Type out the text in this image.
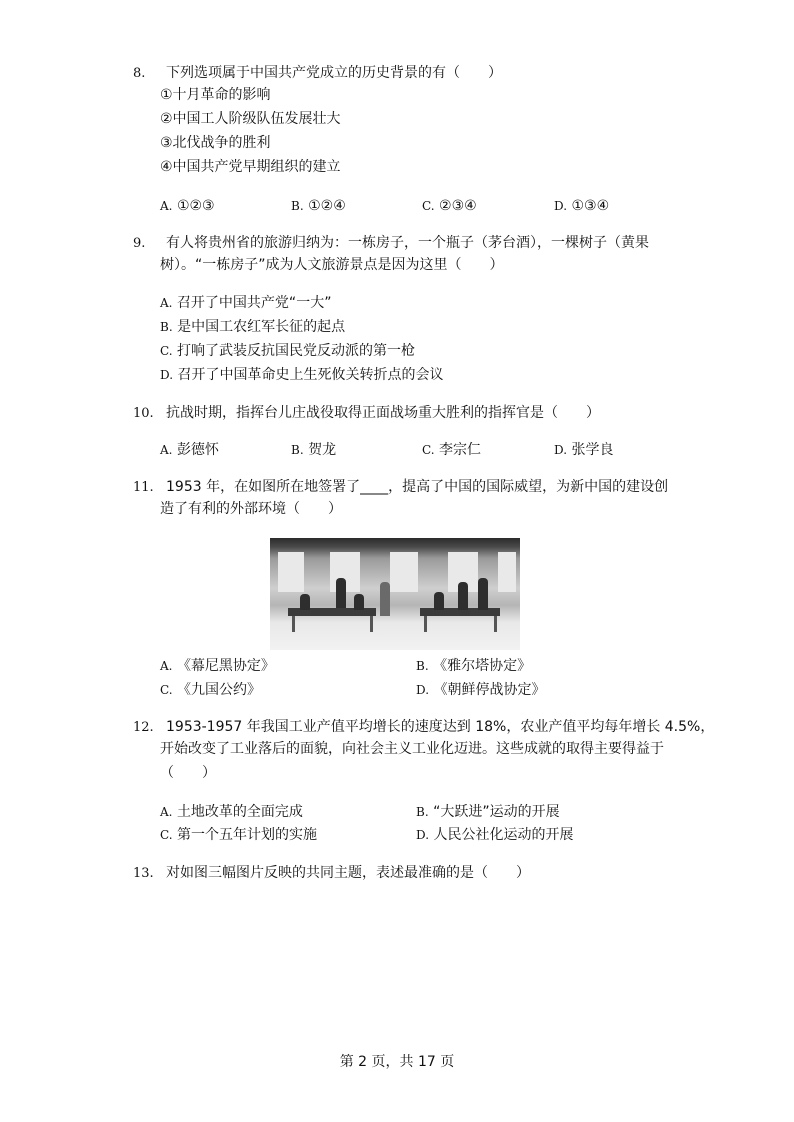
8. 下列选项属于中国共产党成立的历史背景的有（　　）
①十月革命的影响
②中国工人阶级队伍发展壮大
③北伐战争的胜利
④中国共产党早期组织的建立
A. ①②③	B. ①②④	C. ②③④	D. ①③④
9. 有人将贵州省的旅游归纳为：一栋房子，一个瓶子（茅台酒），一棵树子（黄果
树）。“一栋房子”成为人文旅游景点是因为这里（　　）
A. 召开了中国共产党“一大”
B. 是中国工农红军长征的起点
C. 打响了武装反抗国民党反动派的第一枪
D. 召开了中国革命史上生死攸关转折点的会议
10. 抗战时期，指挥台儿庄战役取得正面战场重大胜利的指挥官是（　　）
A. 彭德怀	B. 贺龙	C. 李宗仁	D. 张学良
11. 1953 年，在如图所在地签署了____，提高了中国的国际威望，为新中国的建设创
造了有利的外部环境（　　）
A. 《幕尼黑协定》	B. 《雅尔塔协定》
C. 《九国公约》	D. 《朝鲜停战协定》
12. 1953-1957 年我国工业产值平均增长的速度达到 18%，农业产值平均每年增长 4.5%，
开始改变了工业落后的面貌，向社会主义工业化迈进。这些成就的取得主要得益于
（　　）
A. 土地改革的全面完成	B. “大跃进”运动的开展
C. 第一个五年计划的实施	D. 人民公社化运动的开展
13. 对如图三幅图片反映的共同主题，表述最准确的是（　　）
第 2 页，共 17 页
